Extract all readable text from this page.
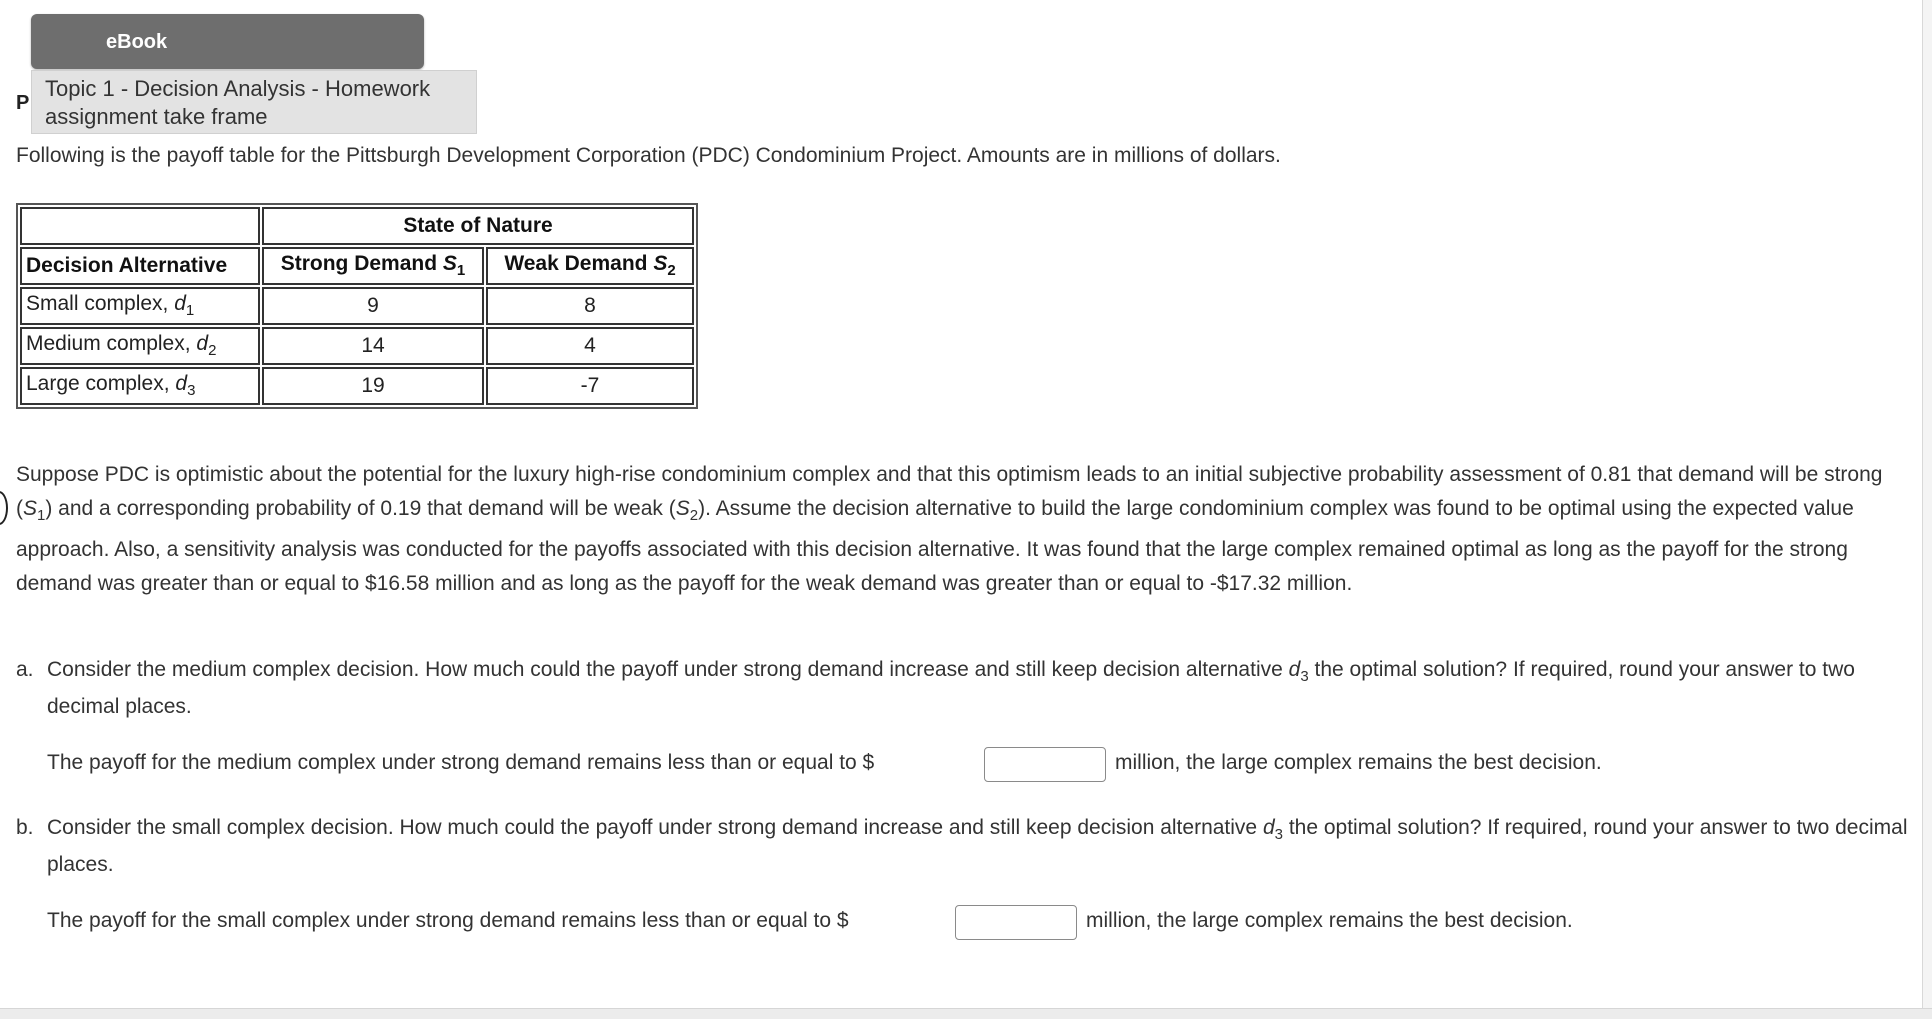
P
eBook
Topic 1 - Decision Analysis - Homework
assignment take frame
Following is the payoff table for the Pittsburgh Development Corporation (PDC) Condominium Project. Amounts are in millions of dollars.
	State of Nature	
Decision Alternative	Strong Demand $S_1$	Weak Demand $S_2$
Small complex, $d_1$	9	8
Medium complex, $d_2$	14	4
Large complex, $d_3$	19	-7
Suppose PDC is optimistic about the potential for the luxury high-rise condominium complex and that this optimism leads to an initial subjective probability assessment of 0.81 that demand will be strong $(S_1)$ and a corresponding probability of 0.19 that demand will be weak $(S_2)$. Assume the decision alternative to build the large condominium complex was found to be optimal using the expected value approach. Also, a sensitivity analysis was conducted for the payoffs associated with this decision alternative. It was found that the large complex remained optimal as long as the payoff for the strong demand was greater than or equal to $16.58 million and as long as the payoff for the weak demand was greater than or equal to -$17.32 million.
a. Consider the medium complex decision. How much could the payoff under strong demand increase and still keep decision alternative $d_3$ the optimal solution? If required, round your answer to two decimal places.
The payoff for the medium complex under strong demand remains less than or equal to $	million, the large complex remains the best decision.
b. Consider the small complex decision. How much could the payoff under strong demand increase and still keep decision alternative $d_3$ the optimal solution? If required, round your answer to two decimal places.
The payoff for the small complex under strong demand remains less than or equal to $	million, the large complex remains the best decision.
